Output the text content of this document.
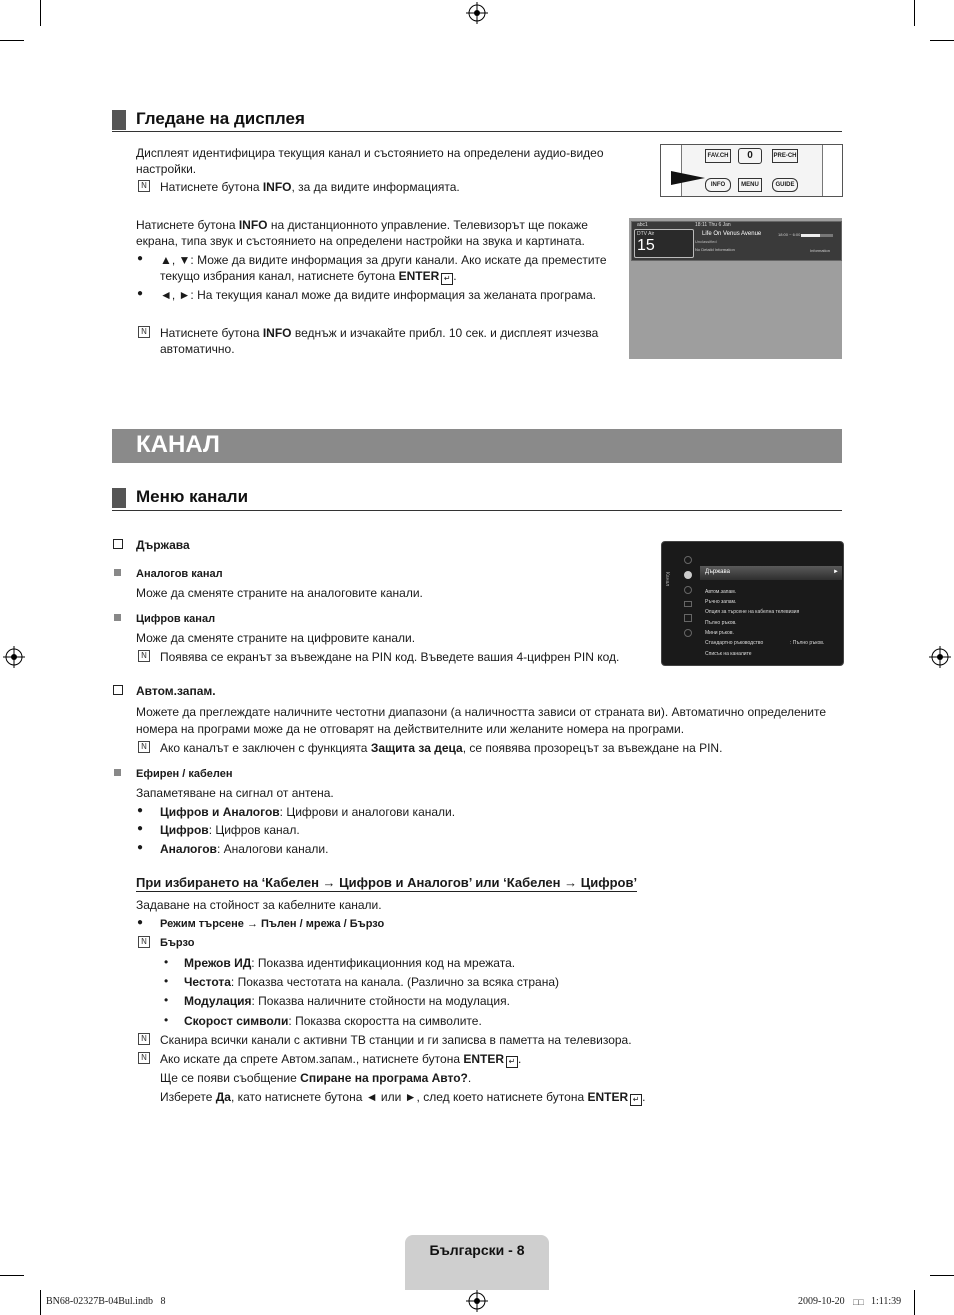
Гледане на дисплея
Дисплеят идентифицира текущия канал и състоянието на определени аудио-видео настройки.
N Натиснете бутона INFO, за да видите информацията.
Натиснете бутона INFO на дистанционното управление. Телевизорът ще покаже екрана, типа звук и състоянието на определени настройки на звука и картината.
● ▲, ▼: Може да видите информация за други канали. Ако искате да преместите
текущо избрания канал, натиснете бутона ENTER ↵ .
● ◄, ►: На текущия канал може да видите информация за желаната програма.
N Натиснете бутона INFO веднъж и изчакайте прибл. 10 сек. и дисплеят изчезва автоматично.
FAV.CH	0	PRE-CH
INFO	MENU	GUIDE
abc1
DTV Air
15
18:11 Thu 6 Jan
Life On Venus Avenue
Unclassified
No Detaild Information
18:00 ~ 6:00
Information
КАНАЛ
Меню канали
Държава
Аналогов канал
Може да сменяте страните на аналоговите канали.
Цифров канал
Може да сменяте страните на цифровите канали.
N Появява се екранът за въвеждане на PIN код. Въведете вашия 4-цифрен PIN код.
Канал	Държава	►
Автом.запам.
Ръчно запам.
Опция за търсене на кабелна телевизия
Пълно ръков.
Мини ръков.
Стандартно ръководство	: Пълно ръков.
Списък на каналите
Автом.запам.
Можете да преглеждате наличните честотни диапазони (а наличността зависи от страната ви). Автоматично определените номера на програми може да не отговарят на действителните или желаните номера на програми.
N Ако каналът е заключен с функцията Защита за деца, се появява прозорецът за въвеждане на PIN.
Ефирен / кабелен
Запаметяване на сигнал от антена.
● Цифров и Аналогов: Цифрови и аналогови канали.
● Цифров: Цифров канал.
● Аналогов: Аналогови канали.
При избирането на ‘Кабелен → Цифров и Аналогов’ или ‘Кабелен → Цифров’
Задаване на стойност за кабелните канали.
● Режим търсене → Пълен / мрежа / Бързо
N Бързо
• Мрежов ИД: Показва идентификационния код на мрежата.
• Честота: Показва честотата на канала. (Различно за всяка страна)
• Модулация: Показва наличните стойности на модулация.
• Скорост символи: Показва скоростта на символите.
N Сканира всички канали с активни ТВ станции и ги записва в паметта на телевизора.
N Ако искате да спрете Автом.запам., натиснете бутона ENTER ↵ .
Ще се появи съобщение Спиране на програма Авто?.
Изберете Да, като натиснете бутона ◄ или ►, след което натиснете бутона ENTER ↵ .
Български - 8
BN68-02327B-04Bul.indb   8	2009-10-20 □□ 1:11:39
